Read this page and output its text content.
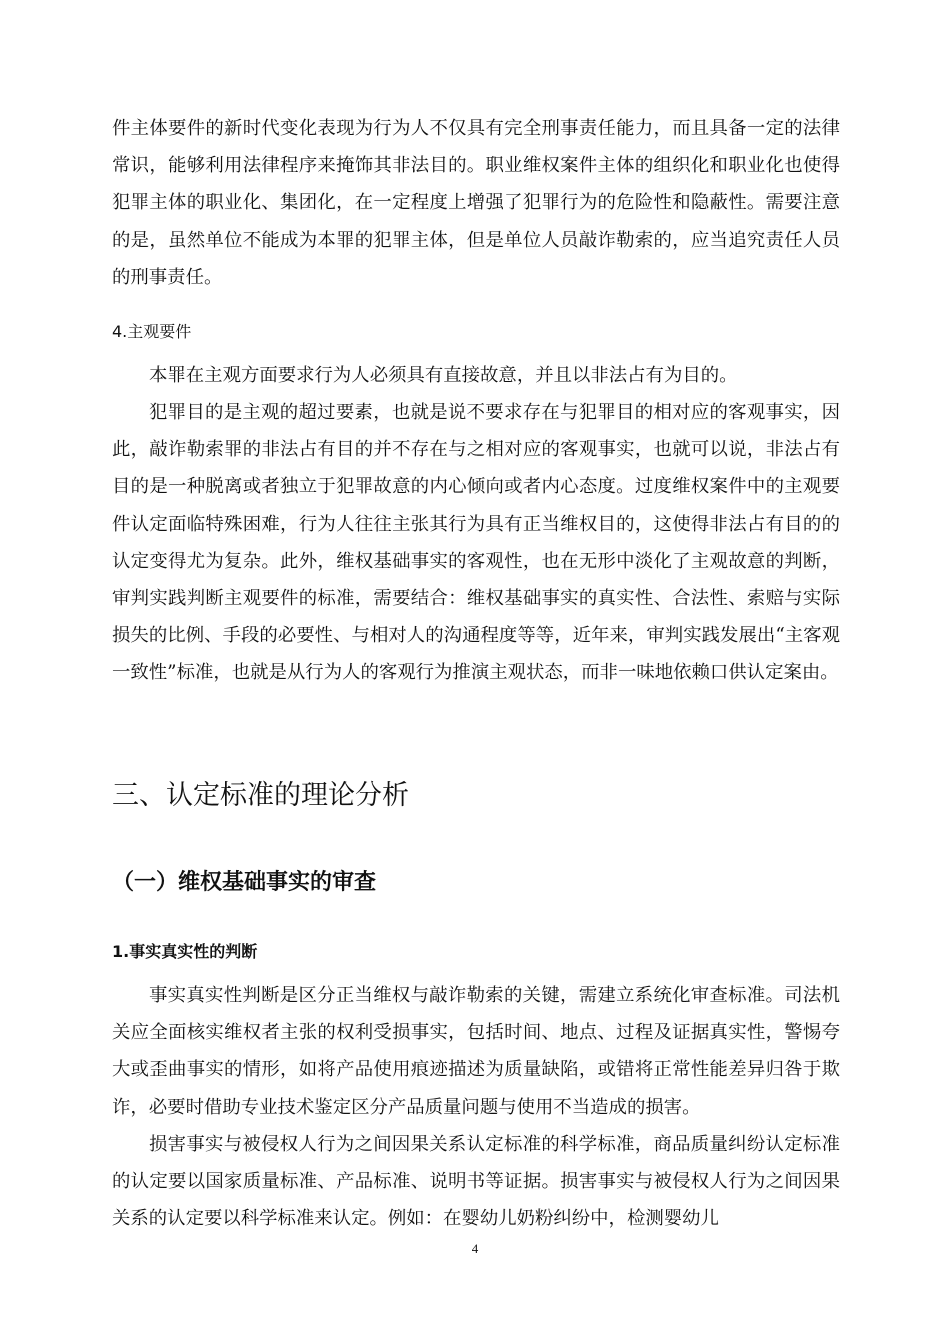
件主体要件的新时代变化表现为行为人不仅具有完全刑事责任能力，而且具备一定的法律常识，能够利用法律程序来掩饰其非法目的。职业维权案件主体的组织化和职业化也使得犯罪主体的职业化、集团化，在一定程度上增强了犯罪行为的危险性和隐蔽性。需要注意的是，虽然单位不能成为本罪的犯罪主体，但是单位人员敲诈勒索的，应当追究责任人员的刑事责任。

4.主观要件

本罪在主观方面要求行为人必须具有直接故意，并且以非法占有为目的。

犯罪目的是主观的超过要素，也就是说不要求存在与犯罪目的相对应的客观事实，因此，敲诈勒索罪的非法占有目的并不存在与之相对应的客观事实，也就可以说，非法占有目的是一种脱离或者独立于犯罪故意的内心倾向或者内心态度。过度维权案件中的主观要件认定面临特殊困难，行为人往往主张其行为具有正当维权目的，这使得非法占有目的的认定变得尤为复杂。此外，维权基础事实的客观性，也在无形中淡化了主观故意的判断，审判实践判断主观要件的标准，需要结合：维权基础事实的真实性、合法性、索赔与实际损失的比例、手段的必要性、与相对人的沟通程度等等，近年来，审判实践发展出“主客观一致性”标准，也就是从行为人的客观行为推演主观状态，而非一味地依赖口供认定案由。

三、认定标准的理论分析
（一）维权基础事实的审查
1.事实真实性的判断

事实真实性判断是区分正当维权与敲诈勒索的关键，需建立系统化审查标准。司法机关应全面核实维权者主张的权利受损事实，包括时间、地点、过程及证据真实性，警惕夸大或歪曲事实的情形，如将产品使用痕迹描述为质量缺陷，或错将正常性能差异归咎于欺诈，必要时借助专业技术鉴定区分产品质量问题与使用不当造成的损害。

损害事实与被侵权人行为之间因果关系认定标准的科学标准，商品质量纠纷认定标准的认定要以国家质量标准、产品标准、说明书等证据。损害事实与被侵权人行为之间因果关系的认定要以科学标准来认定。例如：在婴幼儿奶粉纠纷中，检测婴幼儿

4
